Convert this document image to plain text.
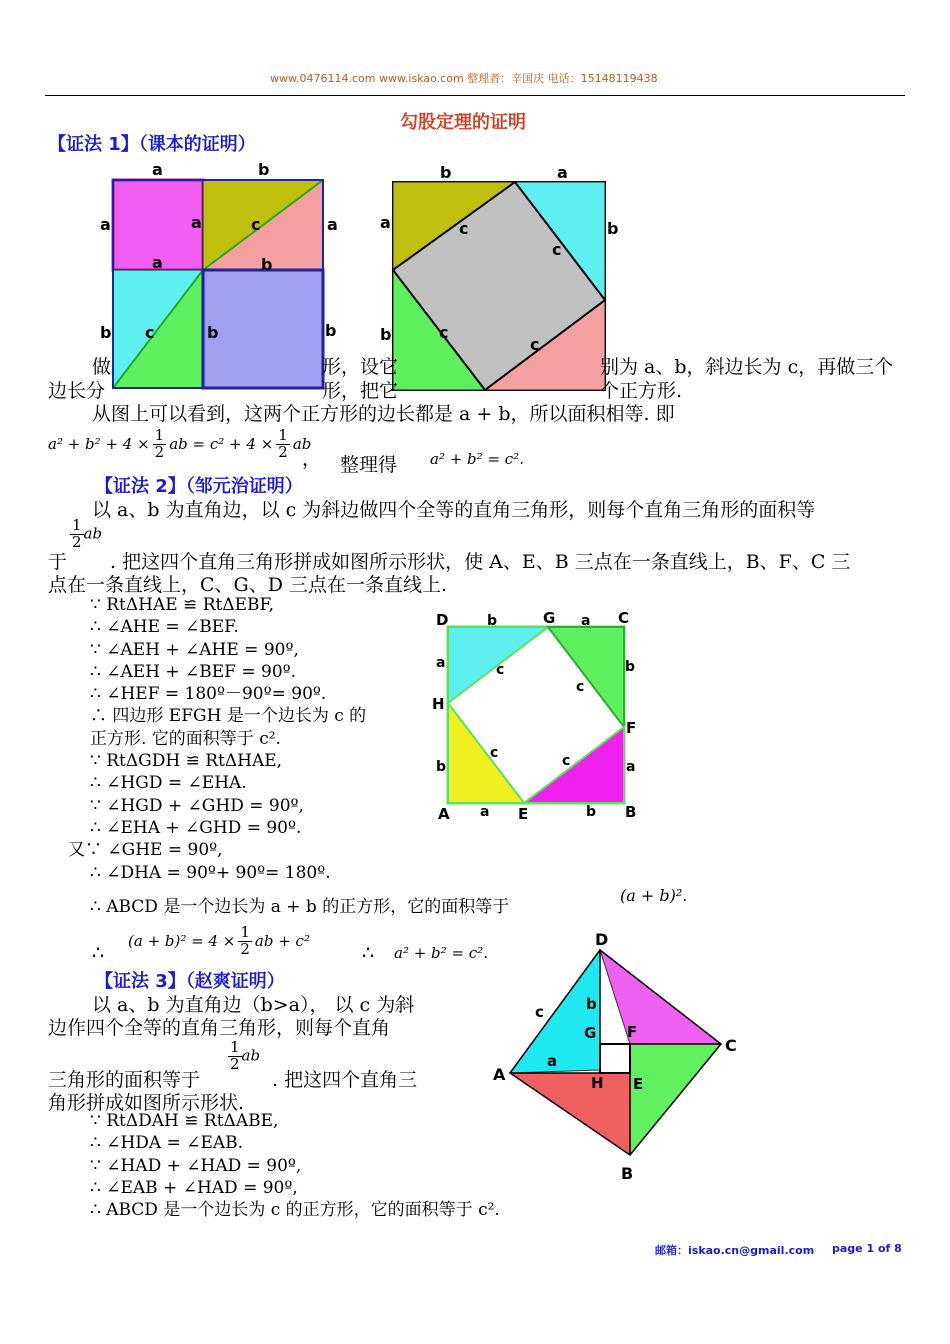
www.0476114.com www.iskao.com 整理者：辛国庆 电话：15148119438
勾股定理的证明
【证法 1】（课本的证明）
a	b
a	a	c	a
a	b
b c	b	b
b	a
a	c
c
b
b	c
c
做	形，设它	别为 a、b，斜边长为 c，再做三个
边长分	形，把它	个正方形.
从图上可以看到，这两个正方形的边长都是 a + b，所以面积相等. 即
$a^2 + b^2 + 4 \times \frac{1}{2}$ ab = $c^2 + 4 \times \frac{1}{2}$ ab
， 整理得 a² + b² = c².
【证法 2】（邹元治证明）
以 a、b 为直角边，以 c 为斜边做四个全等的直角三角形，则每个直角三角形的面积等
$\frac{1}{2}$ ab
于 . 把这四个直角三角形拼成如图所示形状，使 A、E、B 三点在一条直线上，B、F、C 三
点在一条直线上，C、G、D 三点在一条直线上.
∵ RtΔHAE ≌ RtΔEBF,
∴ ∠AHE = ∠BEF.
∵ ∠AEH + ∠AHE = 90º,
∴ ∠AEH + ∠BEF = 90º.
∴ ∠HEF = 180º－90º= 90º.
∴ 四边形 EFGH 是一个边长为 c 的
正方形. 它的面积等于 c².
∵ RtΔGDH ≌ RtΔHAE,
∴ ∠HGD = ∠EHA.
∵ ∠HGD + ∠GHD = 90º,
∴ ∠EHA + ∠GHD = 90º.
又∵ ∠GHE = 90º,
∴ ∠DHA = 90º+ 90º= 180º.
D	G	C
H
F
A	E	B
b	a
a	c	b
c
c	c
b	a
a	b
∴ ABCD 是一个边长为 a + b 的正方形，它的面积等于
(a + b)².
$(a + b)^2 = 4 \times \frac{1}{2}$ ab + c²
∴	∴ a² + b² = c².
【证法 3】（赵爽证明）
以 a、b 为直角边（b>a）， 以 c 为斜
边作四个全等的直角三角形，则每个直角
$\frac{1}{2}$ ab
三角形的面积等于	. 把这四个直角三
角形拼成如图所示形状.
∵ RtΔDAH ≌ RtΔABE,
∴ ∠HDA = ∠EAB.
∵ ∠HAD + ∠HAD = 90º,
∴ ∠EAB + ∠HAD = 90º,
∴ ABCD 是一个边长为 c 的正方形，它的面积等于 c².
D
C
A
B
G F
H E
c	b
a
邮箱：iskao.cn@gmail.com page 1 of 8
